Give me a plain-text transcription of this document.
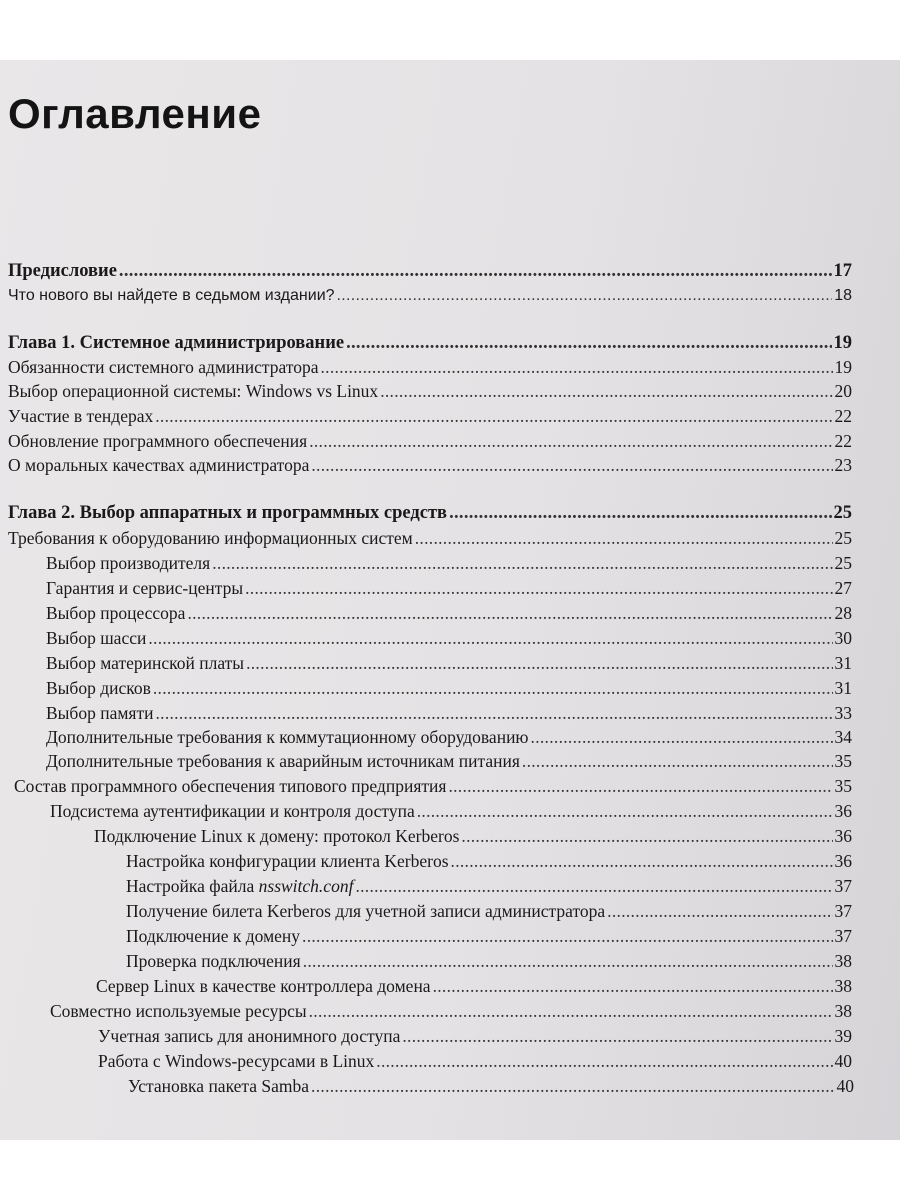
Оглавление
Предисловие .....	17
Что нового вы найдете в седьмом издании? .....	18
Глава 1. Системное администрирование .....	19
Обязанности системного администратора .....	19
Выбор операционной системы: Windows vs Linux .....	20
Участие в тендерах .....	22
Обновление программного обеспечения .....	22
О моральных качествах администратора .....	23
Глава 2. Выбор аппаратных и программных средств .....	25
Требования к оборудованию информационных систем .....	25
Выбор производителя .....	25
Гарантия и сервис-центры .....	27
Выбор процессора .....	28
Выбор шасси .....	30
Выбор материнской платы .....	31
Выбор дисков .....	31
Выбор памяти .....	33
Дополнительные требования к коммутационному оборудованию .....	34
Дополнительные требования к аварийным источникам питания .....	35
Состав программного обеспечения типового предприятия .....	35
Подсистема аутентификации и контроля доступа .....	36
Подключение Linux к домену: протокол Kerberos .....	36
Настройка конфигурации клиента Kerberos .....	36
Настройка файла nsswitch.conf .....	37
Получение билета Kerberos для учетной записи администратора .....	37
Подключение к домену .....	37
Проверка подключения .....	38
Сервер Linux в качестве контроллера домена .....	38
Совместно используемые ресурсы .....	38
Учетная запись для анонимного доступа .....	39
Работа с Windows-ресурсами в Linux .....	40
Установка пакета Samba .....	40
